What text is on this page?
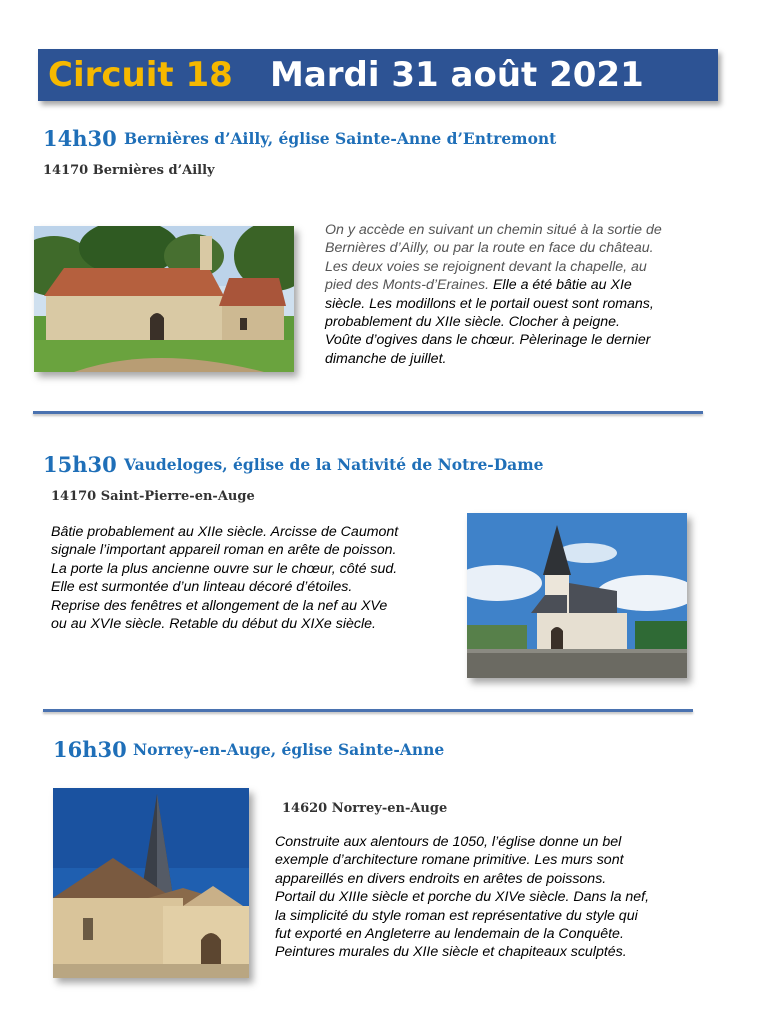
Circuit 18 Mardi 31 août 2021
14h30 Bernières d’Ailly, église Sainte-Anne d’Entremont
14170 Bernières d’Ailly
On y accède en suivant un chemin situé à la sortie de
Bernières d’Ailly, ou par la route en face du château.
Les deux voies se rejoignent devant la chapelle, au
pied des Monts-d’Eraines. Elle a été bâtie au XIe
siècle. Les modillons et le portail ouest sont romans,
probablement du XIIe siècle. Clocher à peigne.
Voûte d’ogives dans le chœur. Pèlerinage le dernier
dimanche de juillet.
15h30 Vaudeloges, église de la Nativité de Notre-Dame
14170 Saint-Pierre-en-Auge
Bâtie probablement au XIIe siècle. Arcisse de Caumont
signale l’important appareil roman en arête de poisson.
La porte la plus ancienne ouvre sur le chœur, côté sud.
Elle est surmontée d’un linteau décoré d’étoiles.
Reprise des fenêtres et allongement de la nef au XVe
ou au XVIe siècle. Retable du début du XIXe siècle.
16h30 Norrey-en-Auge, église Sainte-Anne
14620 Norrey-en-Auge
Construite aux alentours de 1050, l’église donne un bel
exemple d’architecture romane primitive. Les murs sont
appareillés en divers endroits en arêtes de poissons.
Portail du XIIIe siècle et porche du XIVe siècle. Dans la nef,
la simplicité du style roman est représentative du style qui
fut exporté en Angleterre au lendemain de la Conquête.
Peintures murales du XIIe siècle et chapiteaux sculptés.
